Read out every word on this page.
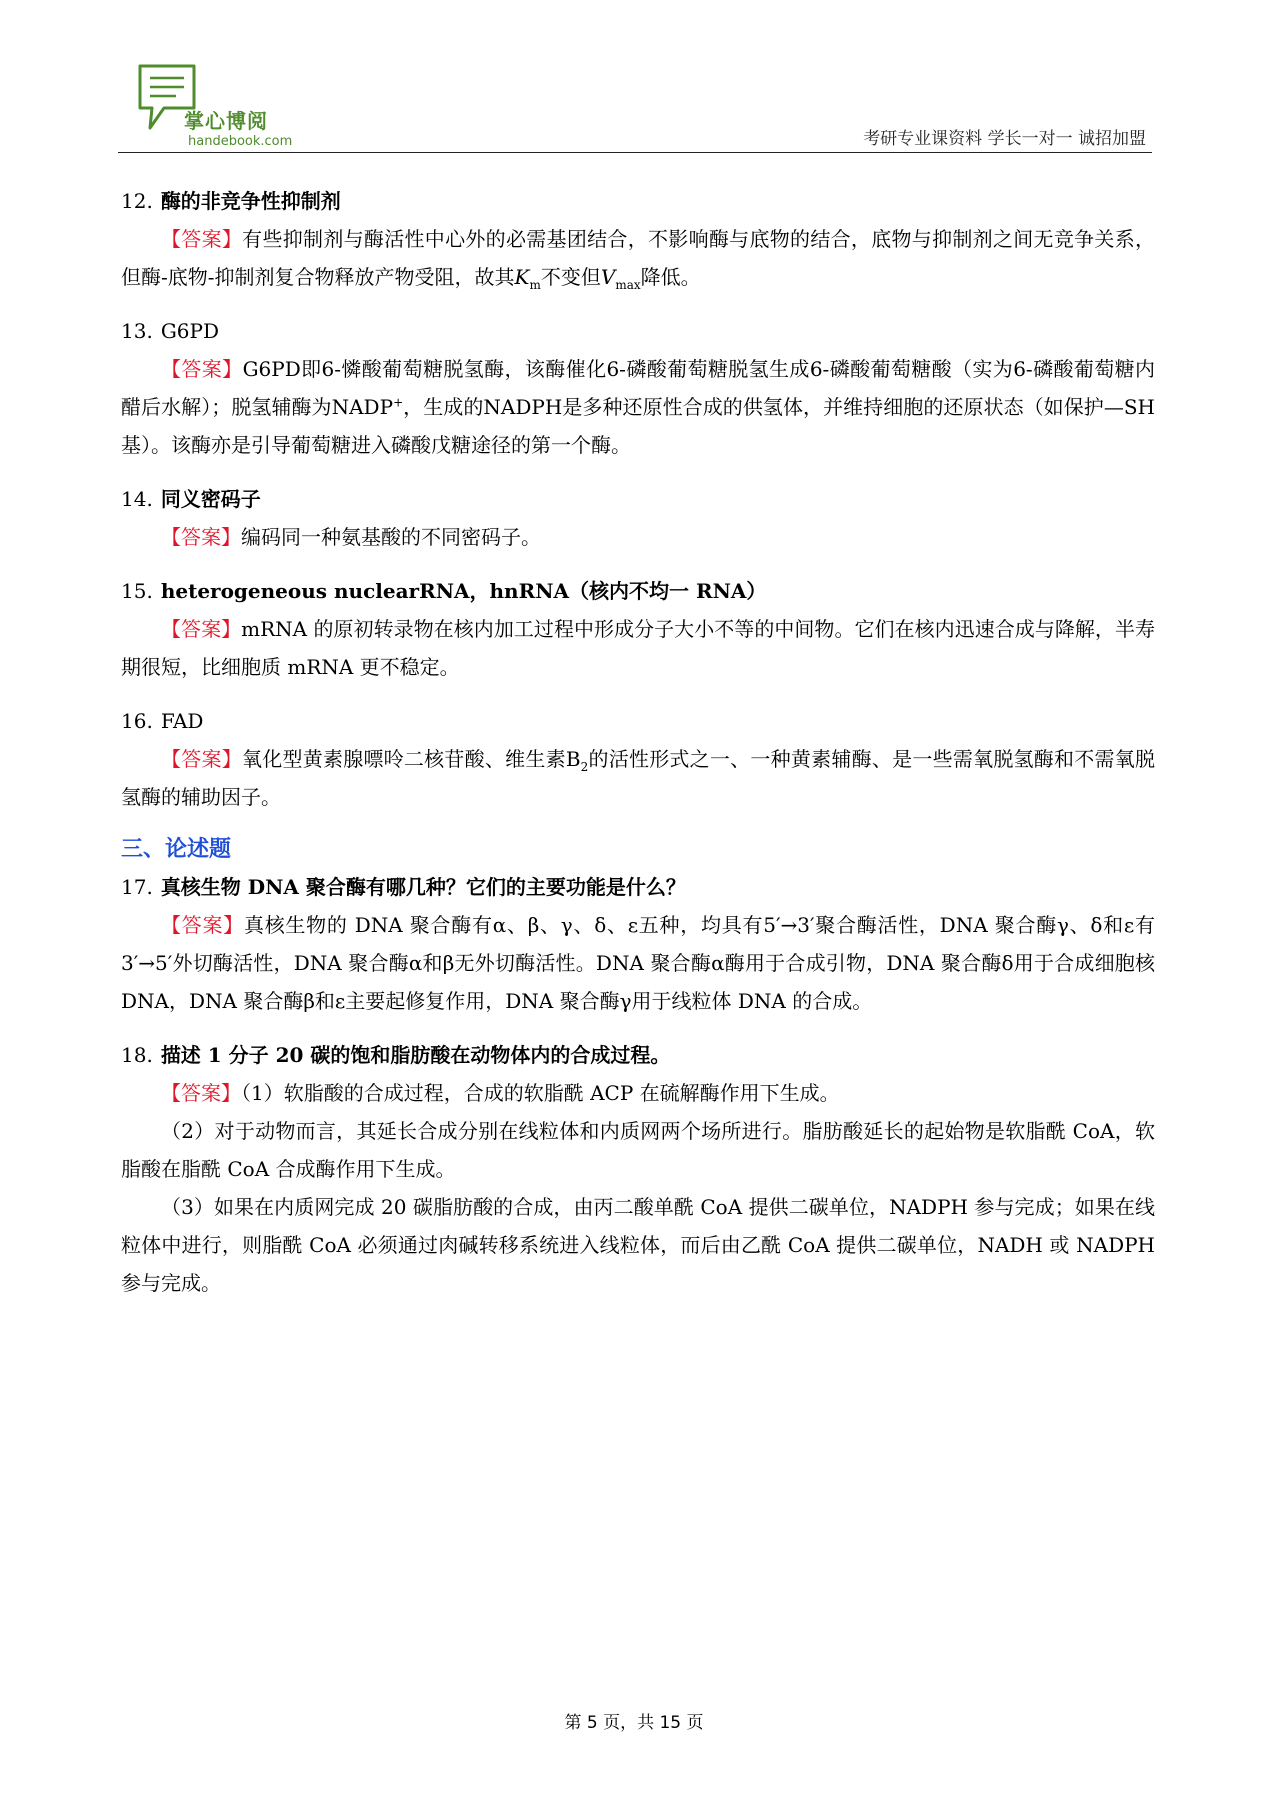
掌心博阅
handebook.com	考研专业课资料 学长一对一 诚招加盟
12. 酶的非竞争性抑制剂
【答案】有些抑制剂与酶活性中心外的必需基团结合，不影响酶与底物的结合，底物与抑制剂之间无竞争关系，但酶-底物-抑制剂复合物释放产物受阻，故其$K_m$不变但$V_{max}$降低。
13. G6PD
【答案】G6PD即6-憐酸葡萄糖脱氢酶，该酶催化6-磷酸葡萄糖脱氢生成6-磷酸葡萄糖酸（实为6-磷酸葡萄糖内醋后水解）；脱氢辅酶为NADP+，生成的NADPH是多种还原性合成的供氢体，并维持细胞的还原状态（如保护—SH基）。该酶亦是引导葡萄糖进入磷酸戊糖途径的第一个酶。
14. 同义密码子
【答案】编码同一种氨基酸的不同密码子。
15. heterogeneous nuclearRNA，hnRNA（核内不均一 RNA）
【答案】mRNA 的原初转录物在核内加工过程中形成分子大小不等的中间物。它们在核内迅速合成与降解，半寿期很短，比细胞质 mRNA 更不稳定。
16. FAD
【答案】氧化型黄素腺嘌呤二核苷酸、维生素$B_2$的活性形式之一、一种黄素辅酶、是一些需氧脱氢酶和不需氧脱氢酶的辅助因子。
三、论述题
17. 真核生物 DNA 聚合酶有哪几种？它们的主要功能是什么？
【答案】真核生物的 DNA 聚合酶有α、β、γ、δ、ε五种，均具有5′→3′聚合酶活性，DNA 聚合酶γ、δ和ε有3′→5′外切酶活性，DNA 聚合酶α和β无外切酶活性。DNA 聚合酶α酶用于合成引物，DNA 聚合酶δ用于合成细胞核 DNA，DNA 聚合酶β和ε主要起修复作用，DNA 聚合酶γ用于线粒体 DNA 的合成。
18. 描述 1 分子 20 碳的饱和脂肪酸在动物体内的合成过程。
【答案】（1）软脂酸的合成过程，合成的软脂酰 ACP 在硫解酶作用下生成。
（2）对于动物而言，其延长合成分别在线粒体和内质网两个场所进行。脂肪酸延长的起始物是软脂酰 CoA，软脂酸在脂酰 CoA 合成酶作用下生成。
（3）如果在内质网完成 20 碳脂肪酸的合成，由丙二酸单酰 CoA 提供二碳单位，NADPH 参与完成；如果在线粒体中进行，则脂酰 CoA 必须通过肉碱转移系统进入线粒体，而后由乙酰 CoA 提供二碳单位，NADH 或 NADPH 参与完成。
第 5 页，共 15 页
